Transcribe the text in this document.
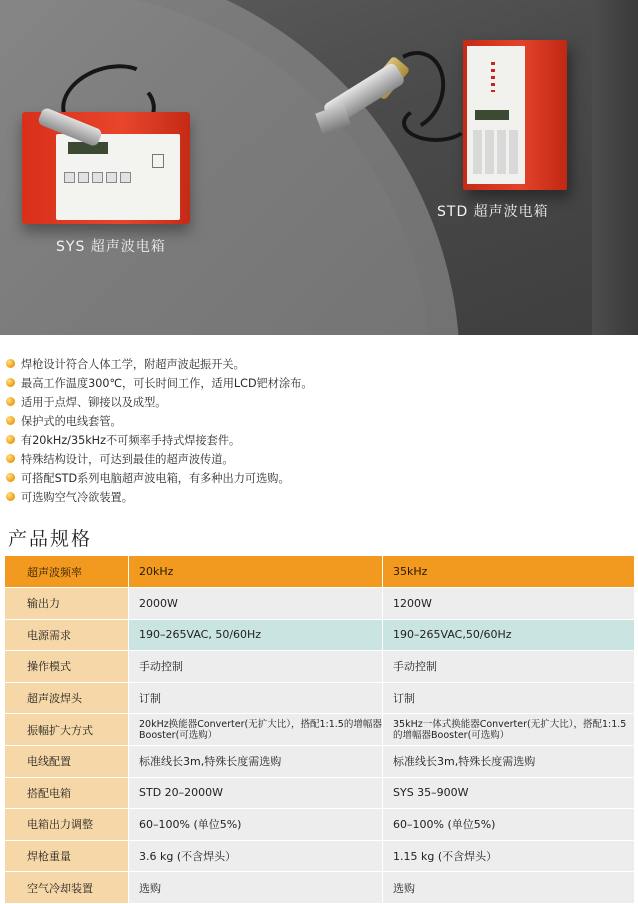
SYS 超声波电箱
STD 超声波电箱
焊枪设计符合人体工学，附超声波起振开关。
最高工作温度300℃，可长时间工作，适用LCD钯材涂布。
适用于点焊、铆接以及成型。
保护式的电线套管。
有20kHz/35kHz不可频率手持式焊接套件。
特殊结构设计，可达到最佳的超声波传道。
可搭配STD系列电脑超声波电箱，有多种出力可选购。
可选购空气冷欲装置。
产品规格
超声波频率	20kHz	35kHz
输出力	2000W	1200W
电源需求	190–265VAC, 50/60Hz	190–265VAC,50/60Hz
操作模式	手动控制	手动控制
超声波焊头	订制	订制
振幅扩大方式	20kHz换能器Converter(无扩大比），搭配1:1.5的增幅器Booster(可选购）	35kHz一体式换能器Converter(无扩大比），搭配1:1.5的增幅器Booster(可选购）
电线配置	标准线长3m,特殊长度需选购	标准线长3m,特殊长度需选购
搭配电箱	STD 20–2000W	SYS 35–900W
电箱出力调整	60–100% (单位5%)	60–100% (单位5%)
焊枪重量	3.6 kg (不含焊头）	1.15 kg (不含焊头）
空气冷却装置	选购	选购
